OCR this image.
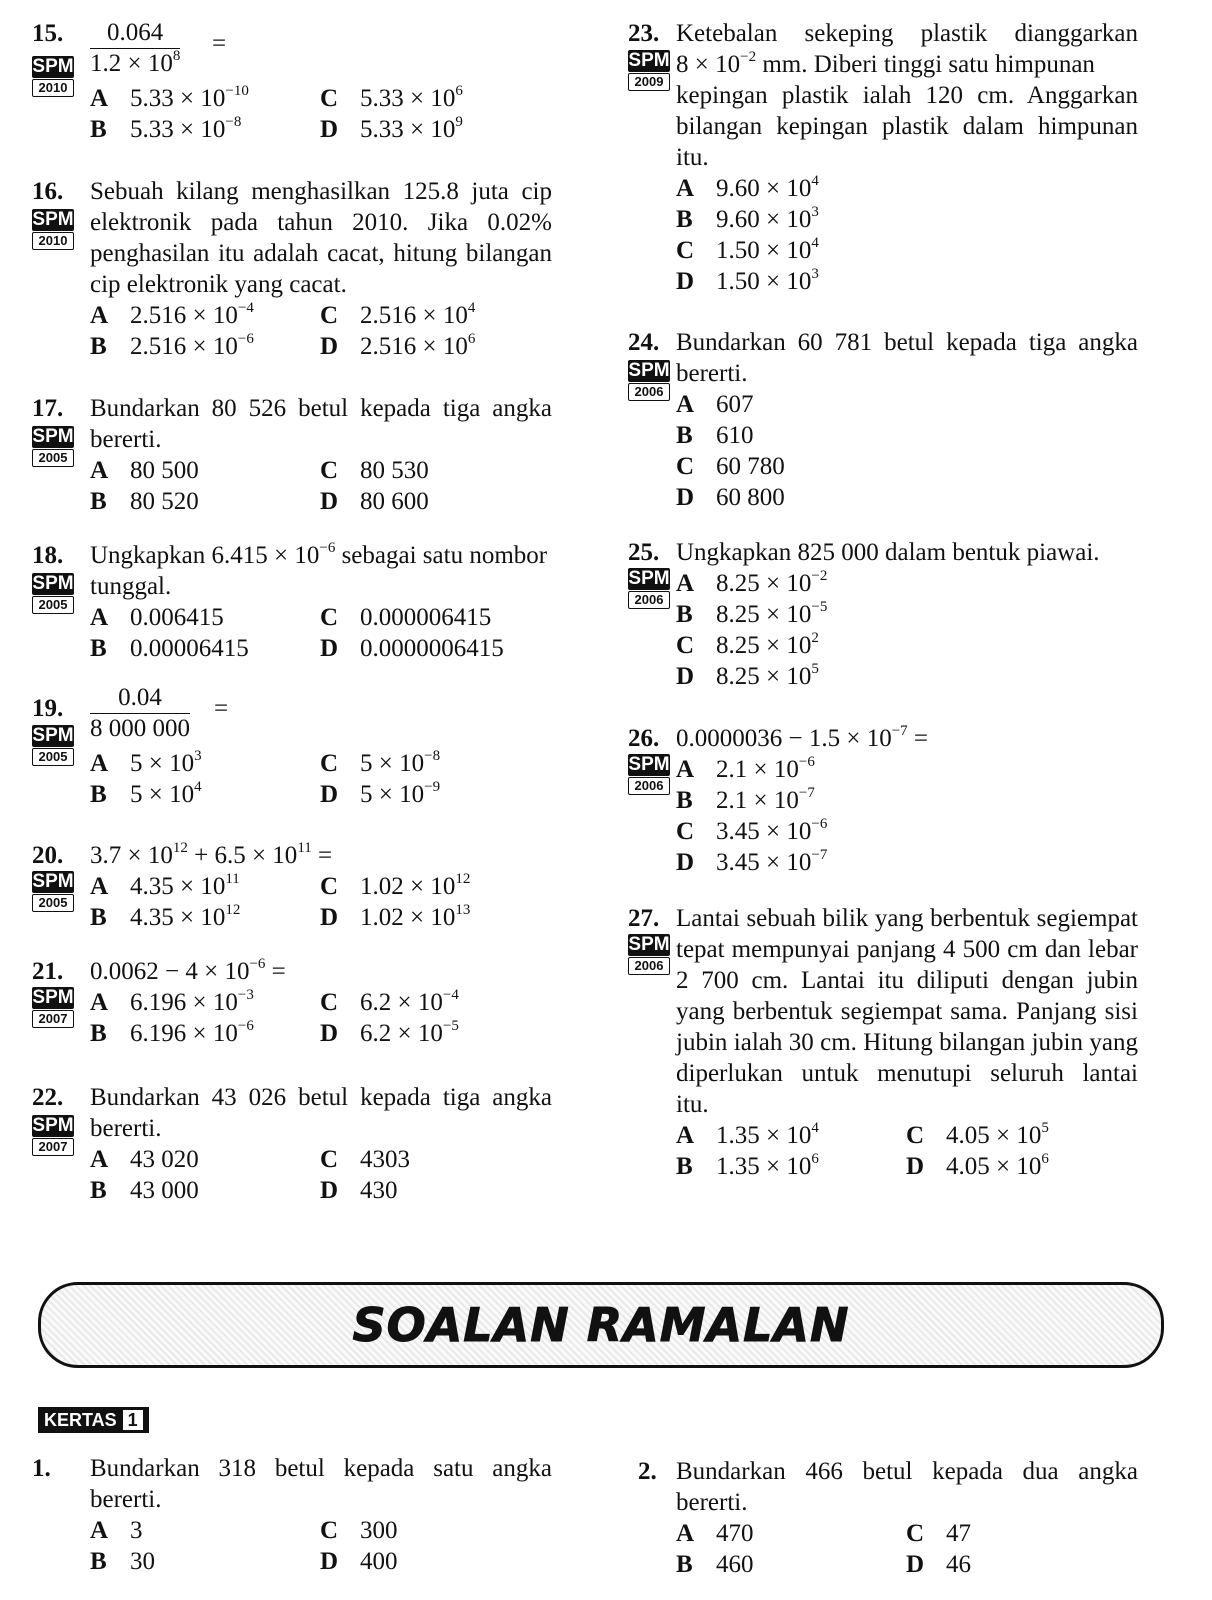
15.
SPM
2010
$\frac{0.064}{1.2 \times 10^8}$ =
A $5.33 \times 10^{-10}$
B $5.33 \times 10^{-8}$
C $5.33 \times 10^6$
D $5.33 \times 10^9$
16.
SPM
2010
Sebuah kilang menghasilkan 125.8 juta cip
elektronik pada tahun 2010. Jika 0.02%
penghasilan itu adalah cacat, hitung bilangan
cip elektronik yang cacat.
A $2.516 \times 10^{-4}$
B $2.516 \times 10^{-6}$
C $2.516 \times 10^4$
D $2.516 \times 10^6$
17.
SPM
2005
Bundarkan 80 526 betul kepada tiga angka
bererti.
A 80 500
B 80 520
C 80 530
D 80 600
18.
SPM
2005
Ungkapkan $6.415 \times 10^{-6}$ sebagai satu nombor
tunggal.
A 0.006415
B 0.00006415
C 0.000006415
D 0.0000006415
19.
SPM
2005
$\frac{0.04}{8 000 000}$ =
A $5 \times 10^3$
B $5 \times 10^4$
C $5 \times 10^{-8}$
D $5 \times 10^{-9}$
20.
SPM
2005
$3.7 \times 10^{12} + 6.5 \times 10^{11}$ =
A $4.35 \times 10^{11}$
B $4.35 \times 10^{12}$
C $1.02 \times 10^{12}$
D $1.02 \times 10^{13}$
21.
SPM
2007
$0.0062 - 4 \times 10^{-6}$ =
A $6.196 \times 10^{-3}$
B $6.196 \times 10^{-6}$
C $6.2 \times 10^{-4}$
D $6.2 \times 10^{-5}$
22.
SPM
2007
Bundarkan 43 026 betul kepada tiga angka
bererti.
A 43 020
B 43 000
C 4303
D 430
23.
SPM
2009
Ketebalan sekeping plastik dianggarkan
$8 \times 10^{-2}$ mm. Diberi tinggi satu himpunan
kepingan plastik ialah 120 cm. Anggarkan
bilangan kepingan plastik dalam himpunan
itu.
A $9.60 \times 10^4$
B $9.60 \times 10^3$
C $1.50 \times 10^4$
D $1.50 \times 10^3$
24.
SPM
2006
Bundarkan 60 781 betul kepada tiga angka
bererti.
A 607
B 610
C 60 780
D 60 800
25.
SPM
2006
Ungkapkan 825 000 dalam bentuk piawai.
A $8.25 \times 10^{-2}$
B $8.25 \times 10^{-5}$
C $8.25 \times 10^2$
D $8.25 \times 10^5$
26.
SPM
2006
$0.0000036 - 1.5 \times 10^{-7}$ =
A $2.1 \times 10^{-6}$
B $2.1 \times 10^{-7}$
C $3.45 \times 10^{-6}$
D $3.45 \times 10^{-7}$
27.
SPM
2006
Lantai sebuah bilik yang berbentuk segiempat
tepat mempunyai panjang 4 500 cm dan lebar
2 700 cm. Lantai itu diliputi dengan jubin
yang berbentuk segiempat sama. Panjang sisi
jubin ialah 30 cm. Hitung bilangan jubin yang
diperlukan untuk menutupi seluruh lantai
itu.
A $1.35 \times 10^4$
B $1.35 \times 10^6$
C $4.05 \times 10^5$
D $4.05 \times 10^6$
SOALAN RAMALAN
KERTAS 1
1. Bundarkan 318 betul kepada satu angka
bererti.
A 3
B 30
C 300
D 400
2. Bundarkan 466 betul kepada dua angka
bererti.
A 470
B 460
C 47
D 46
